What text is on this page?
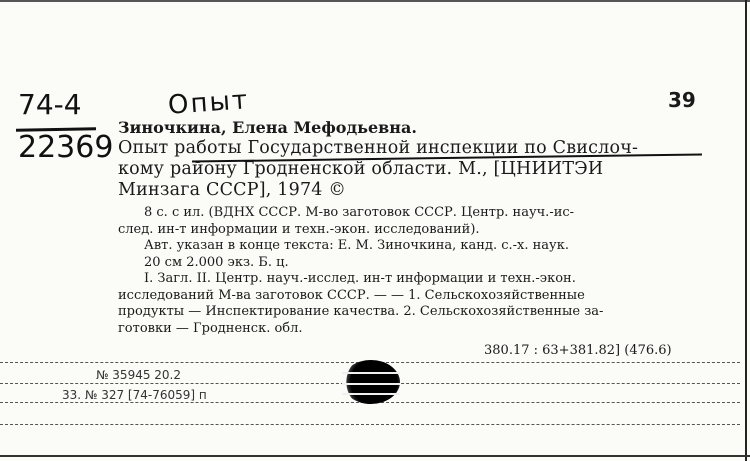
74-4
22369
Опыт	39
Зиночкина, Елена Мефодьевна.
Опыт работы Государственной инспекции по Свислоч-
кому району Гродненской области. М., [ЦНИИТЭИ
Минзага СССР], 1974 ©
8 с. с ил. (ВДНХ СССР. М-во заготовок СССР. Центр. науч.-ис-
след. ин-т информации и техн.-экон. исследований).
Авт. указан в конце текста: Е. М. Зиночкина, канд. с.-х. наук.
20 см 2.000 экз. Б. ц.
I. Загл. II. Центр. науч.-исслед. ин-т информации и техн.-экон.
исследований М-ва заготовок СССР. — — 1. Сельскохозяйственные
продукты — Инспектирование качества. 2. Сельскохозяйственные за-
готовки — Гродненск. обл.
380.17 : 63+381.82] (476.6)
№ 35945 20.2
33. № 327 [74-76059] п
